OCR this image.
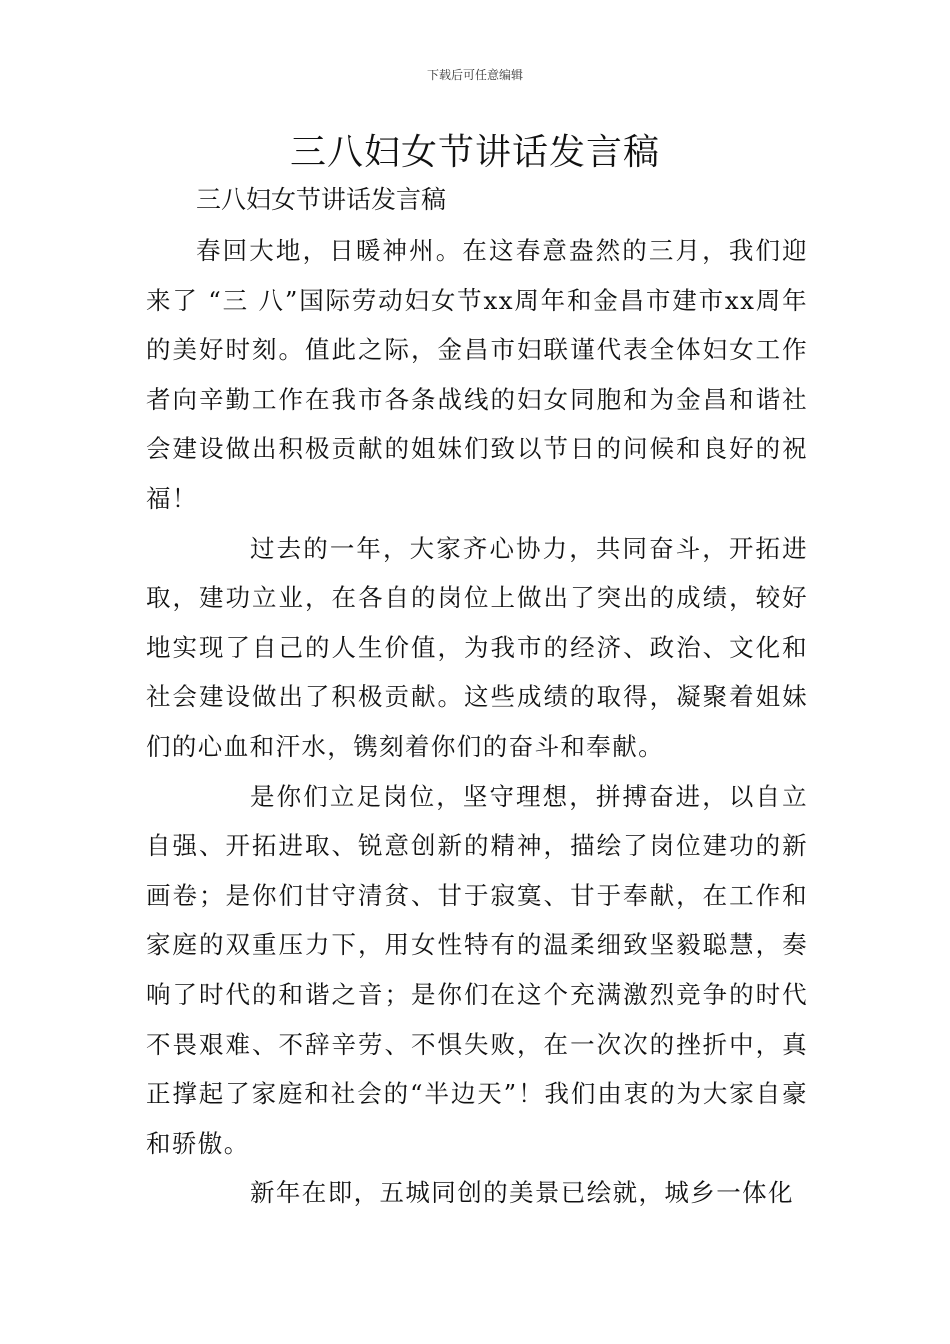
下载后可任意编辑
三八妇女节讲话发言稿

三八妇女节讲话发言稿

春回大地，日暖神州。在这春意盎然的三月，我们迎来了 “三 八”国际劳动妇女节xx周年和金昌市建市xx周年的美好时刻。值此之际，金昌市妇联谨代表全体妇女工作者向辛勤工作在我市各条战线的妇女同胞和为金昌和谐社会建设做出积极贡献的姐妹们致以节日的问候和良好的祝福！

过去的一年，大家齐心协力，共同奋斗，开拓进取，建功立业，在各自的岗位上做出了突出的成绩，较好地实现了自己的人生价值，为我市的经济、政治、文化和社会建设做出了积极贡献。这些成绩的取得，凝聚着姐妹们的心血和汗水，镌刻着你们的奋斗和奉献。

是你们立足岗位，坚守理想，拼搏奋进，以自立自强、开拓进取、锐意创新的精神，描绘了岗位建功的新画卷；是你们甘守清贫、甘于寂寞、甘于奉献，在工作和家庭的双重压力下，用女性特有的温柔细致坚毅聪慧，奏响了时代的和谐之音；是你们在这个充满激烈竞争的时代不畏艰难、不辞辛劳、不惧失败，在一次次的挫折中，真正撑起了家庭和社会的“半边天”！我们由衷的为大家自豪和骄傲。

新年在即，五城同创的美景已绘就，城乡一体化
